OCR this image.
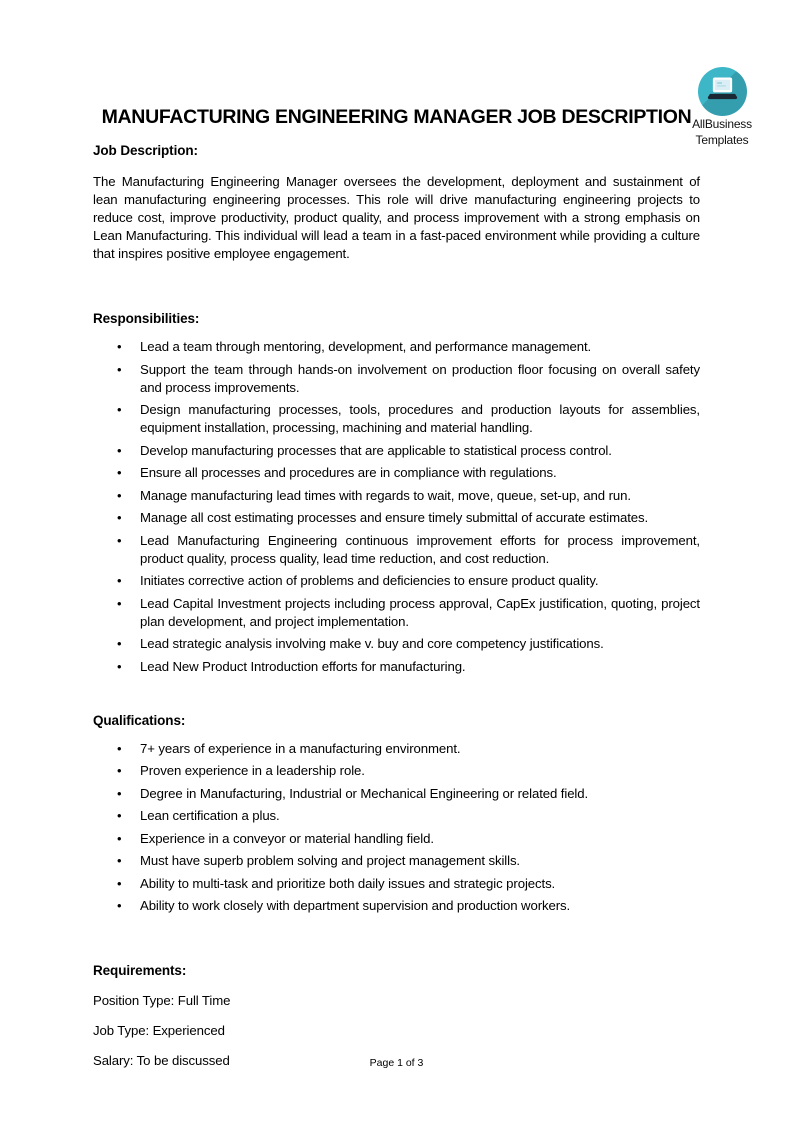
AllBusiness
Templates
MANUFACTURING ENGINEERING MANAGER JOB DESCRIPTION
Job Description:

The Manufacturing Engineering Manager oversees the development, deployment and sustainment of lean manufacturing engineering processes. This role will drive manufacturing engineering projects to reduce cost, improve productivity, product quality, and process improvement with a strong emphasis on Lean Manufacturing. This individual will lead a team in a fast-paced environment while providing a culture that inspires positive employee engagement.

Responsibilities:
• Lead a team through mentoring, development, and performance management.
• Support the team through hands-on involvement on production floor focusing on overall safety and process improvements.
• Design manufacturing processes, tools, procedures and production layouts for assemblies, equipment installation, processing, machining and material handling.
• Develop manufacturing processes that are applicable to statistical process control.
• Ensure all processes and procedures are in compliance with regulations.
• Manage manufacturing lead times with regards to wait, move, queue, set-up, and run.
• Manage all cost estimating processes and ensure timely submittal of accurate estimates.
• Lead Manufacturing Engineering continuous improvement efforts for process improvement, product quality, process quality, lead time reduction, and cost reduction.
• Initiates corrective action of problems and deficiencies to ensure product quality.
• Lead Capital Investment projects including process approval, CapEx justification, quoting, project plan development, and project implementation.
• Lead strategic analysis involving make v. buy and core competency justifications.
• Lead New Product Introduction efforts for manufacturing.
Qualifications:
• 7+ years of experience in a manufacturing environment.
• Proven experience in a leadership role.
• Degree in Manufacturing, Industrial or Mechanical Engineering or related field.
• Lean certification a plus.
• Experience in a conveyor or material handling field.
• Must have superb problem solving and project management skills.
• Ability to multi-task and prioritize both daily issues and strategic projects.
• Ability to work closely with department supervision and production workers.
Requirements:
Position Type: Full Time
Job Type: Experienced
Salary: To be discussed	Page 1 of 3
